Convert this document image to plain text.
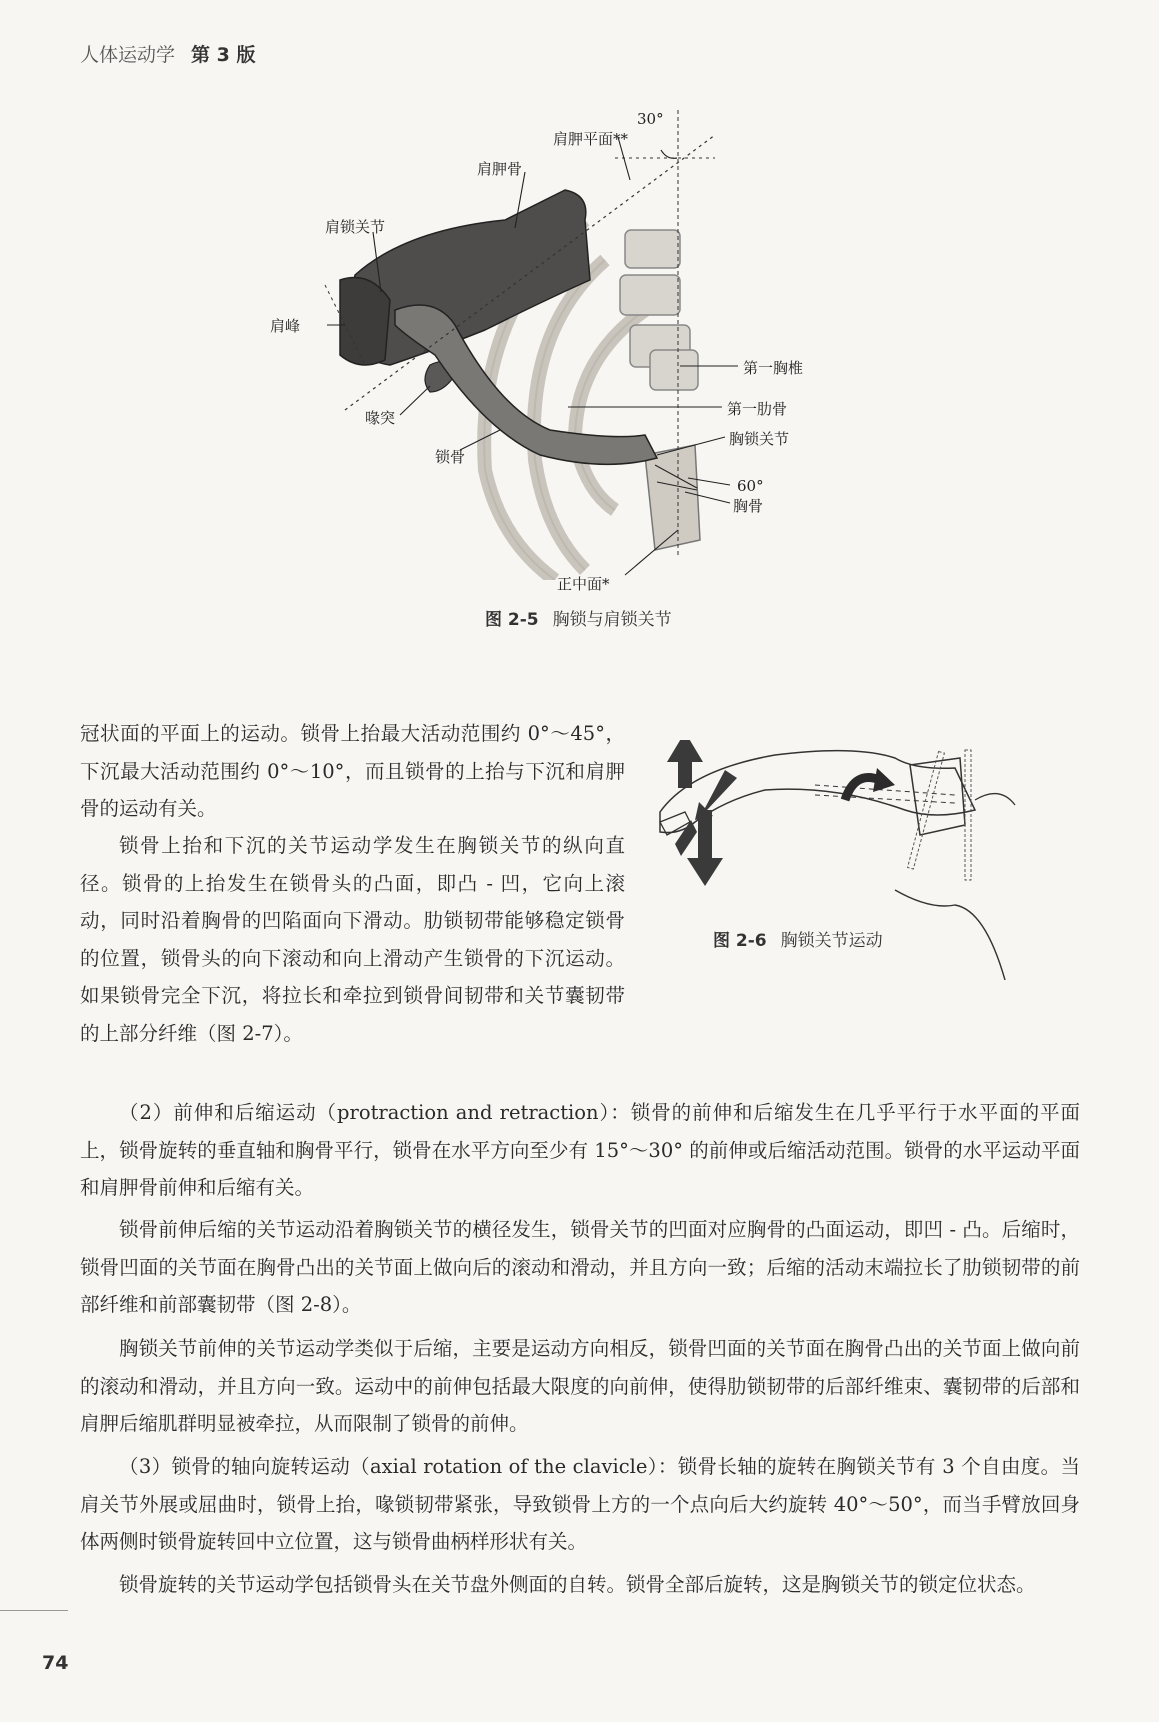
人体运动学 第 3 版
30°
肩胛平面**
肩胛骨
肩锁关节
肩峰
第一胸椎
第一肋骨
喙突
胸锁关节
锁骨
60°
胸骨
正中面*
图 2-5 胸锁与肩锁关节
图 2-6 胸锁关节运动

冠状面的平面上的运动。锁骨上抬最大活动范围约 0°～45°，下沉最大活动范围约 0°～10°，而且锁骨的上抬与下沉和肩胛骨的运动有关。

锁骨上抬和下沉的关节运动学发生在胸锁关节的纵向直径。锁骨的上抬发生在锁骨头的凸面，即凸 - 凹，它向上滚动，同时沿着胸骨的凹陷面向下滑动。肋锁韧带能够稳定锁骨的位置，锁骨头的向下滚动和向上滑动产生锁骨的下沉运动。如果锁骨完全下沉，将拉长和牵拉到锁骨间韧带和关节囊韧带的上部分纤维（图 2-7）。

（2）前伸和后缩运动（protraction and retraction）：锁骨的前伸和后缩发生在几乎平行于水平面的平面上，锁骨旋转的垂直轴和胸骨平行，锁骨在水平方向至少有 15°～30° 的前伸或后缩活动范围。锁骨的水平运动平面和肩胛骨前伸和后缩有关。

锁骨前伸后缩的关节运动沿着胸锁关节的横径发生，锁骨关节的凹面对应胸骨的凸面运动，即凹 - 凸。后缩时，锁骨凹面的关节面在胸骨凸出的关节面上做向后的滚动和滑动，并且方向一致；后缩的活动末端拉长了肋锁韧带的前部纤维和前部囊韧带（图 2-8）。

胸锁关节前伸的关节运动学类似于后缩，主要是运动方向相反，锁骨凹面的关节面在胸骨凸出的关节面上做向前的滚动和滑动，并且方向一致。运动中的前伸包括最大限度的向前伸，使得肋锁韧带的后部纤维束、囊韧带的后部和肩胛后缩肌群明显被牵拉，从而限制了锁骨的前伸。

（3）锁骨的轴向旋转运动（axial rotation of the clavicle）：锁骨长轴的旋转在胸锁关节有 3 个自由度。当肩关节外展或屈曲时，锁骨上抬，喙锁韧带紧张，导致锁骨上方的一个点向后大约旋转 40°～50°，而当手臂放回身体两侧时锁骨旋转回中立位置，这与锁骨曲柄样形状有关。

锁骨旋转的关节运动学包括锁骨头在关节盘外侧面的自转。锁骨全部后旋转，这是胸锁关节的锁定位状态。

74
